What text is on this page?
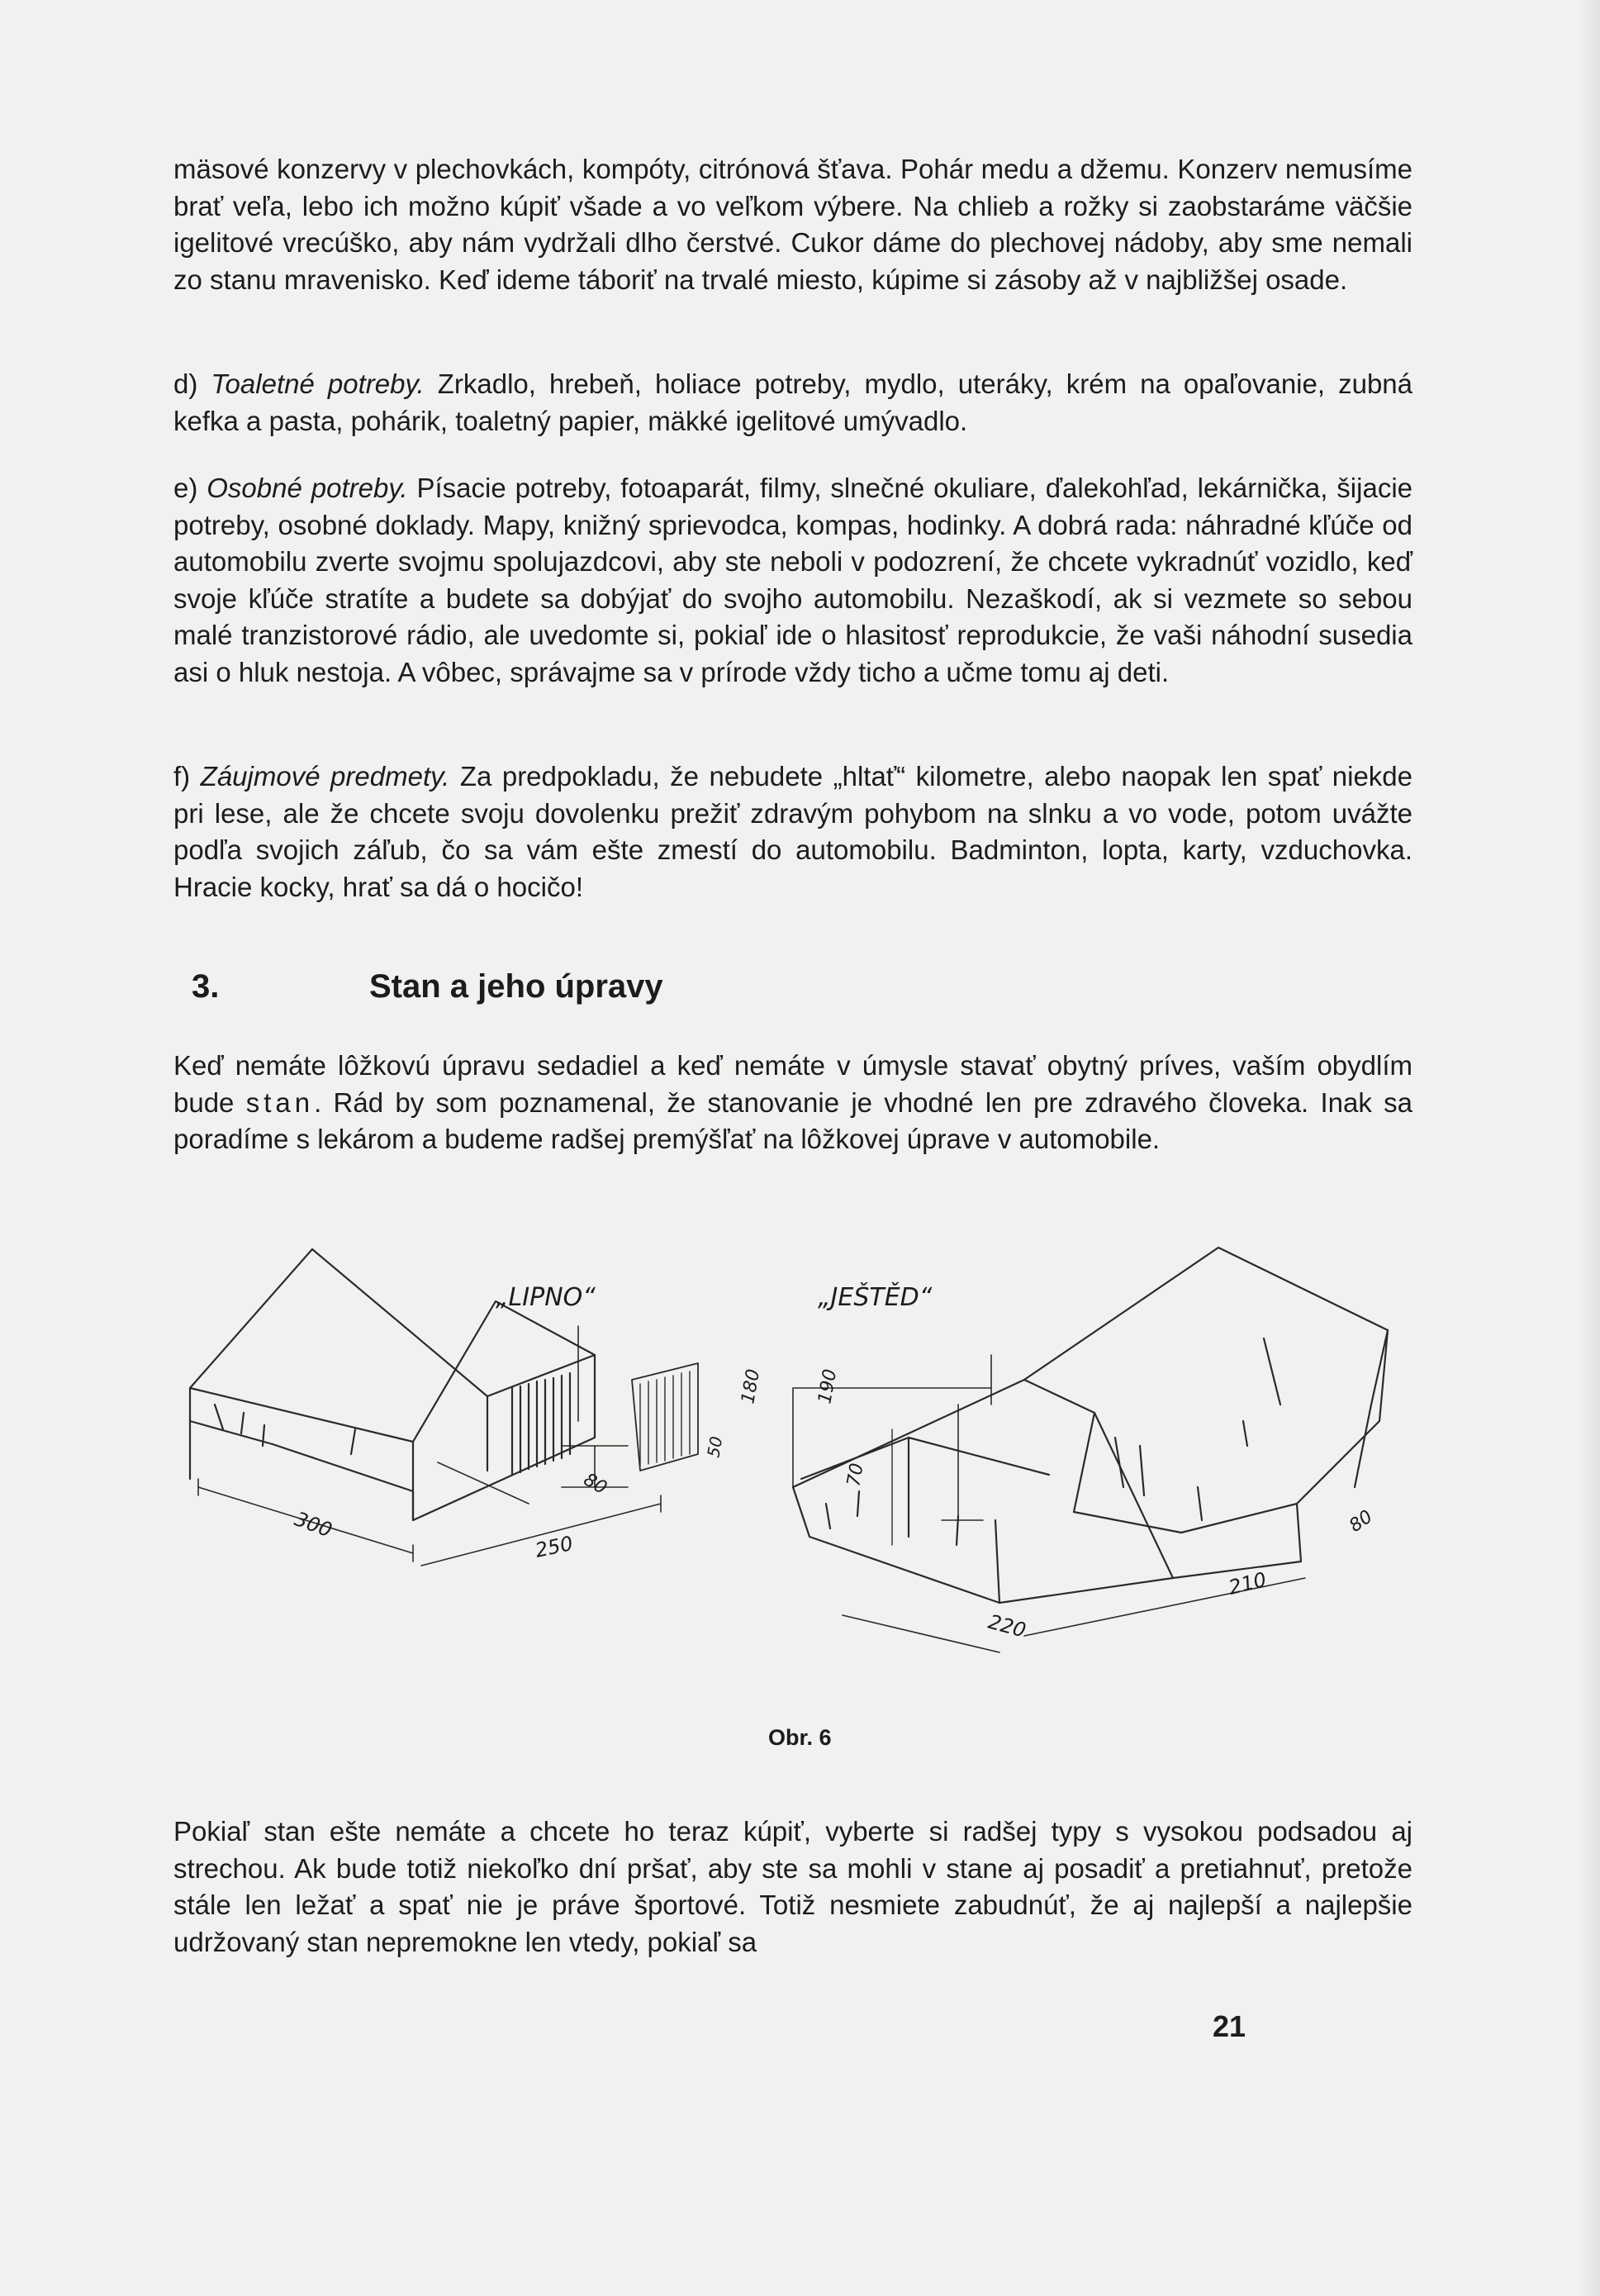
mäsové konzervy v plechovkách, kompóty, citrónová šťava. Pohár medu a džemu. Konzerv nemusíme brať veľa, lebo ich možno kúpiť všade a vo veľkom výbere. Na chlieb a rožky si zaobstaráme väčšie igelitové vrecúško, aby nám vydržali dlho čerstvé. Cukor dáme do plechovej nádoby, aby sme nemali zo stanu mravenisko. Keď ideme táboriť na trvalé miesto, kúpime si zásoby až v najbližšej osade.

d) Toaletné potreby. Zrkadlo, hrebeň, holiace potreby, mydlo, uteráky, krém na opaľovanie, zubná kefka a pasta, pohárik, toaletný papier, mäkké igelitové umývadlo.

e) Osobné potreby. Písacie potreby, fotoaparát, filmy, slnečné okuliare, ďalekohľad, lekárnička, šijacie potreby, osobné doklady. Mapy, knižný sprievodca, kompas, hodinky. A dobrá rada: náhradné kľúče od automobilu zverte svojmu spolujazdcovi, aby ste neboli v podozrení, že chcete vykradnúť vozidlo, keď svoje kľúče stratíte a budete sa dobýjať do svojho automobilu. Nezaškodí, ak si vezmete so sebou malé tranzistorové rádio, ale uvedomte si, pokiaľ ide o hlasitosť reprodukcie, že vaši náhodní susedia asi o hluk nestoja. A vôbec, správajme sa v prírode vždy ticho a učme tomu aj deti.

f) Záujmové predmety. Za predpokladu, že nebudete „hltať“ kilometre, alebo naopak len spať niekde pri lese, ale že chcete svoju dovolenku prežiť zdravým pohybom na slnku a vo vode, potom uvážte podľa svojich záľub, čo sa vám ešte zmestí do automobilu. Badminton, lopta, karty, vzduchovka. Hracie kocky, hrať sa dá o hocičo!

3.	Stan a jeho úpravy

Keď nemáte lôžkovú úpravu sedadiel a keď nemáte v úmysle stavať obytný príves, vaším obydlím bude stan. Rád by som poznamenal, že stanovanie je vhodné len pre zdravého človeka. Inak sa poradíme s lekárom a budeme radšej premýšľať na lôžkovej úprave v automobile.

„LIPNO“
300
250
80
180
50
„JEŠTĚD“
190
70
220
210
80
Obr. 6

Pokiaľ stan ešte nemáte a chcete ho teraz kúpiť, vyberte si radšej typy s vysokou podsadou aj strechou. Ak bude totiž niekoľko dní pršať, aby ste sa mohli v stane aj posadiť a pretiahnuť, pretože stále len ležať a spať nie je práve športové. Totiž nesmiete zabudnúť, že aj najlepší a najlepšie udržovaný stan nepremokne len vtedy, pokiaľ sa

21
